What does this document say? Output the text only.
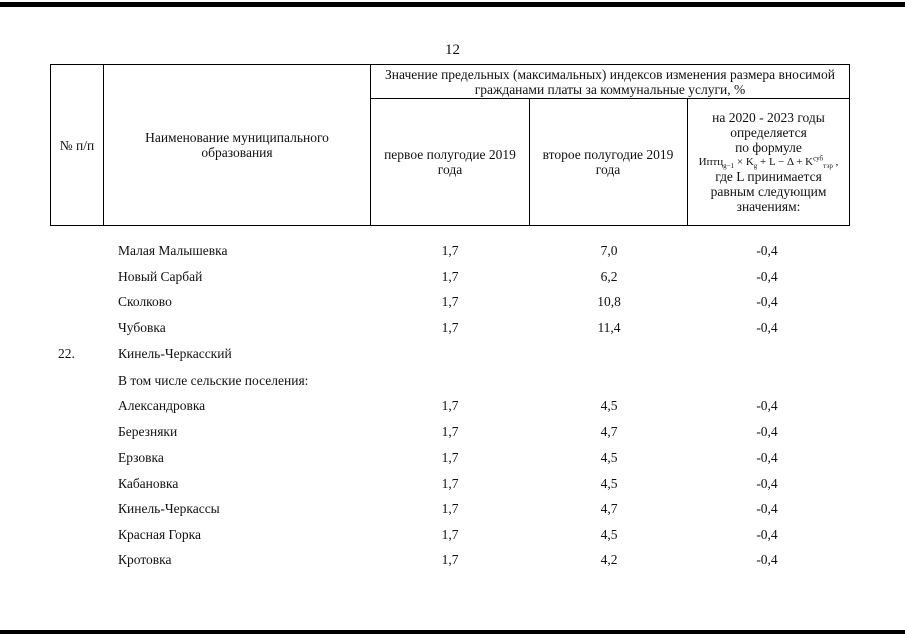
12
№ п/п	Наименование муниципального образования
Значение предельных (максимальных) индексов изменения размера вносимой гражданами платы за коммунальные услуги, %
первое полугодие 2019 года
второе полугодие 2019 года
на 2020 - 2023 годы
определяется
по формуле
Иптц$_{g-1}$ × $K_g + L - \Delta + K^{суб}_{тэр}$ ,
где L принимается
равным следующим
значениям:
Малая Малышевка	1,7	7,0	-0,4
Новый Сарбай	1,7	6,2	-0,4
Сколково	1,7	10,8	-0,4
Чубовка	1,7	11,4	-0,4
22.	Кинель-Черкасский
В том числе сельские поселения:
Александровка	1,7	4,5	-0,4
Березняки	1,7	4,7	-0,4
Ерзовка	1,7	4,5	-0,4
Кабановка	1,7	4,5	-0,4
Кинель-Черкассы	1,7	4,7	-0,4
Красная Горка	1,7	4,5	-0,4
Кротовка	1,7	4,2	-0,4
